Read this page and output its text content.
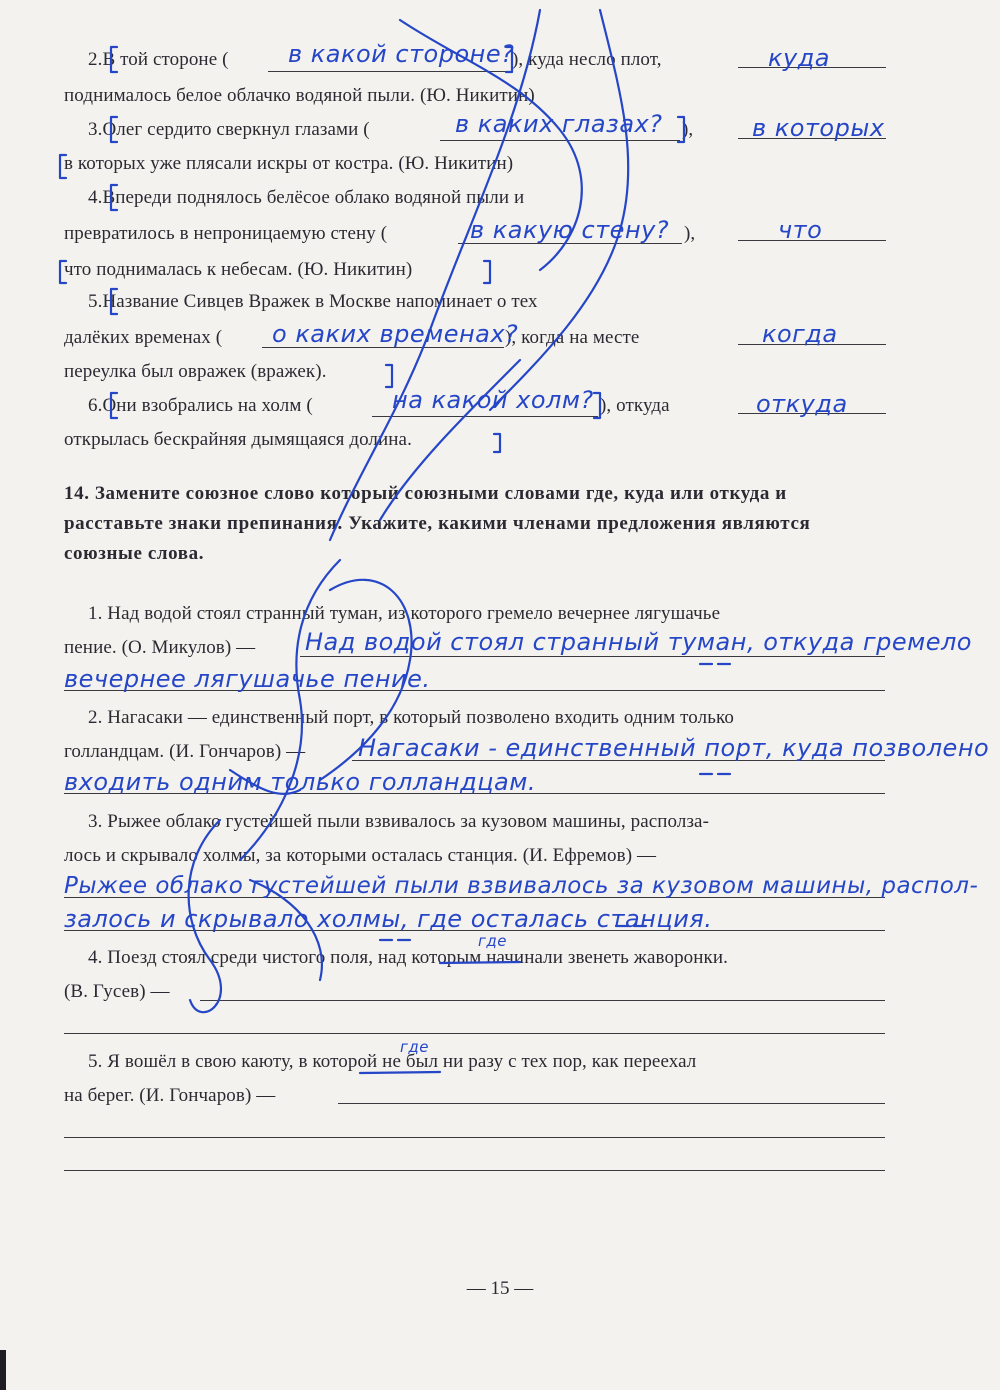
2.В той стороне (	), куда несло плот,
поднималось белое облачко водяной пыли. (Ю. Никитин)
в какой стороне?	куда
3.Олег сердито сверкнул глазами (	),
в которых уже плясали искры от костра. (Ю. Никитин)
в каких глазах?	в которых
4.Впереди поднялось белёсое облако водяной пыли и
превратилось в непроницаемую стену (	),
что поднималась к небесам. (Ю. Никитин)
в какую стену?	что
5.Название Сивцев Вражек в Москве напоминает о тех
далёких временах (	), когда на месте
переулка был овражек (вражек).
о каких временах?	когда
6.Они взобрались на холм (	), откуда
открылась бескрайняя дымящаяся долина.
на какой холм?	откуда
14. Замените союзное слово который союзными словами где, куда или откуда и
расставьте знаки препинания. Укажите, какими членами предложения являются
союзные слова.
1. Над водой стоял странный туман, из которого гремело вечернее лягушачье
пение. (О. Микулов) — Над водой стоял странный туман, откуда гремело
вечернее лягушачье пение.
2. Нагасаки — единственный порт, в который позволено входить одним только
голландцам. (И. Гончаров) — Нагасаки - единственный порт, куда позволено
входить одним только голландцам.
3. Рыжее облако густейшей пыли взвивалось за кузовом машины, располза-
лось и скрывало холмы, за которыми осталась станция. (И. Ефремов) —
Рыжее облако густейшей пыли взвивалось за кузовом машины, распол-
залось и скрывало холмы, где осталась станция.
4. Поезд стоял среди чистого поля, над которым начинали звенеть жаворонки.
(В. Гусев) —
где
5. Я вошёл в свою каюту, в которой не был ни разу с тех пор, как переехал
на берег. (И. Гончаров) —
где
— 15 —
